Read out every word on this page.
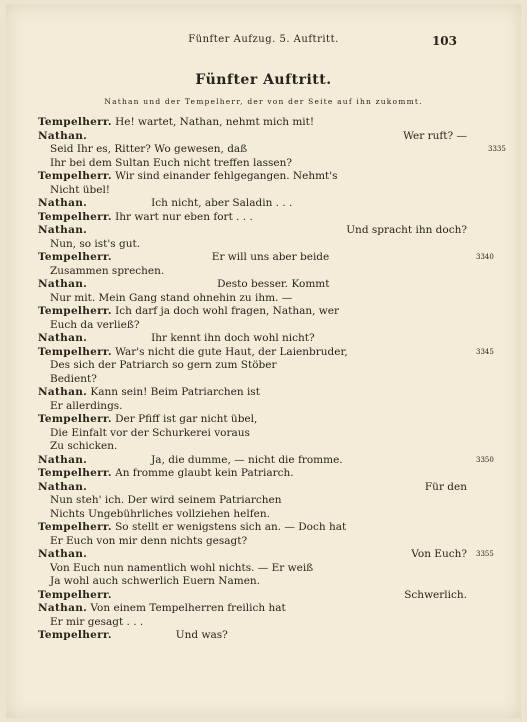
Fünfter Aufzug. 5. Auftritt.	103
Fünfter Auftritt.
Nathan und der Tempelherr, der von der Seite auf ihn zukommt.
Tempelherr. He! wartet, Nathan, nehmt mich mit!
Nathan.	Wer ruft? —
Seid Ihr es, Ritter? Wo gewesen, daß	3335
Ihr bei dem Sultan Euch nicht treffen lassen?
Tempelherr. Wir sind einander fehlgegangen. Nehmt's
Nicht übel!
Nathan.	Ich nicht, aber Saladin . . .
Tempelherr. Ihr wart nur eben fort . . .
Nathan.	Und spracht ihn doch?
Nun, so ist's gut.
Tempelherr.	Er will uns aber beide	3340
Zusammen sprechen.
Nathan.	Desto besser. Kommt
Nur mit. Mein Gang stand ohnehin zu ihm. —
Tempelherr. Ich darf ja doch wohl fragen, Nathan, wer
Euch da verließ?
Nathan.	Ihr kennt ihn doch wohl nicht?
Tempelherr. War's nicht die gute Haut, der Laienbruder,	3345
Des sich der Patriarch so gern zum Stöber
Bedient?
Nathan. Kann sein! Beim Patriarchen ist
Er allerdings.
Tempelherr. Der Pfiff ist gar nicht übel,
Die Einfalt vor der Schurkerei voraus
Zu schicken.
Nathan.	Ja, die dumme, — nicht die fromme.	3350
Tempelherr. An fromme glaubt kein Patriarch.
Nathan.	Für den
Nun steh' ich. Der wird seinem Patriarchen
Nichts Ungebührliches vollziehen helfen.
Tempelherr. So stellt er wenigstens sich an. — Doch hat
Er Euch von mir denn nichts gesagt?
Nathan.	Von Euch? 3355
Von Euch nun namentlich wohl nichts. — Er weiß
Ja wohl auch schwerlich Euern Namen.
Tempelherr.	Schwerlich.
Nathan. Von einem Tempelherren freilich hat
Er mir gesagt . . .
Tempelherr.	Und was?
